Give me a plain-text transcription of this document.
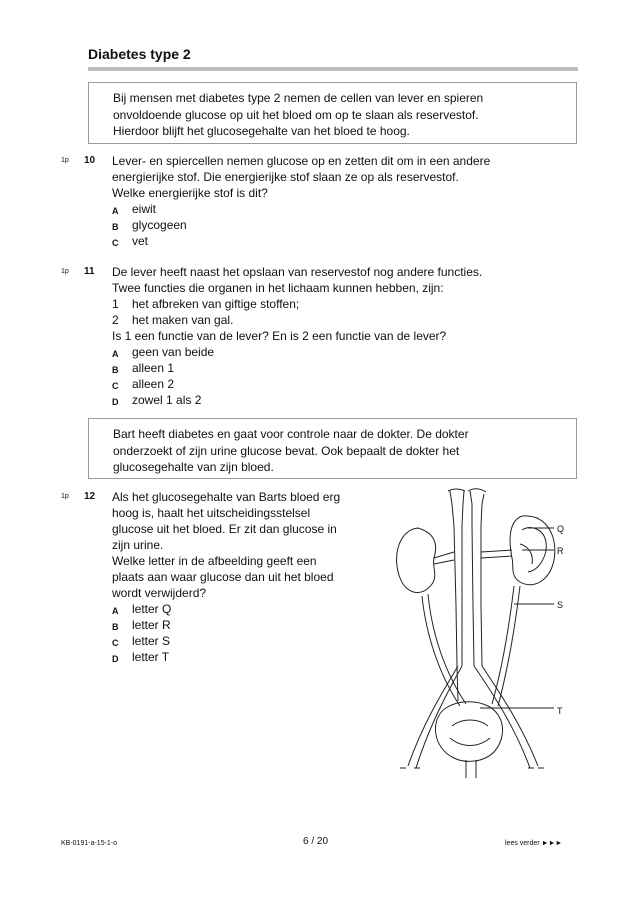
Diabetes type 2
Bij mensen met diabetes type 2 nemen de cellen van lever en spieren
onvoldoende glucose op uit het bloed om op te slaan als reservestof.
Hierdoor blijft het glucosegehalte van het bloed te hoog.
1p 10 Lever- en spiercellen nemen glucose op en zetten dit om in een andere
energierijke stof. Die energierijke stof slaan ze op als reservestof.
Welke energierijke stof is dit?
A eiwit
B glycogeen
C vet
1p 11 De lever heeft naast het opslaan van reservestof nog andere functies.
Twee functies die organen in het lichaam kunnen hebben, zijn:
1 het afbreken van giftige stoffen;
2 het maken van gal.
Is 1 een functie van de lever? En is 2 een functie van de lever?
A geen van beide
B alleen 1
C alleen 2
D zowel 1 als 2
Bart heeft diabetes en gaat voor controle naar de dokter. De dokter
onderzoekt of zijn urine glucose bevat. Ook bepaalt de dokter het
glucosegehalte van zijn bloed.
1p 12 Als het glucosegehalte van Barts bloed erg
hoog is, haalt het uitscheidingsstelsel
glucose uit het bloed. Er zit dan glucose in
zijn urine.
Welke letter in de afbeelding geeft een
plaats aan waar glucose dan uit het bloed
wordt verwijderd?
A letter Q
B letter R
C letter S
D letter T
Q
R
S
T
KB-0191-a-15-1-o	6 / 20	lees verder ►►►
